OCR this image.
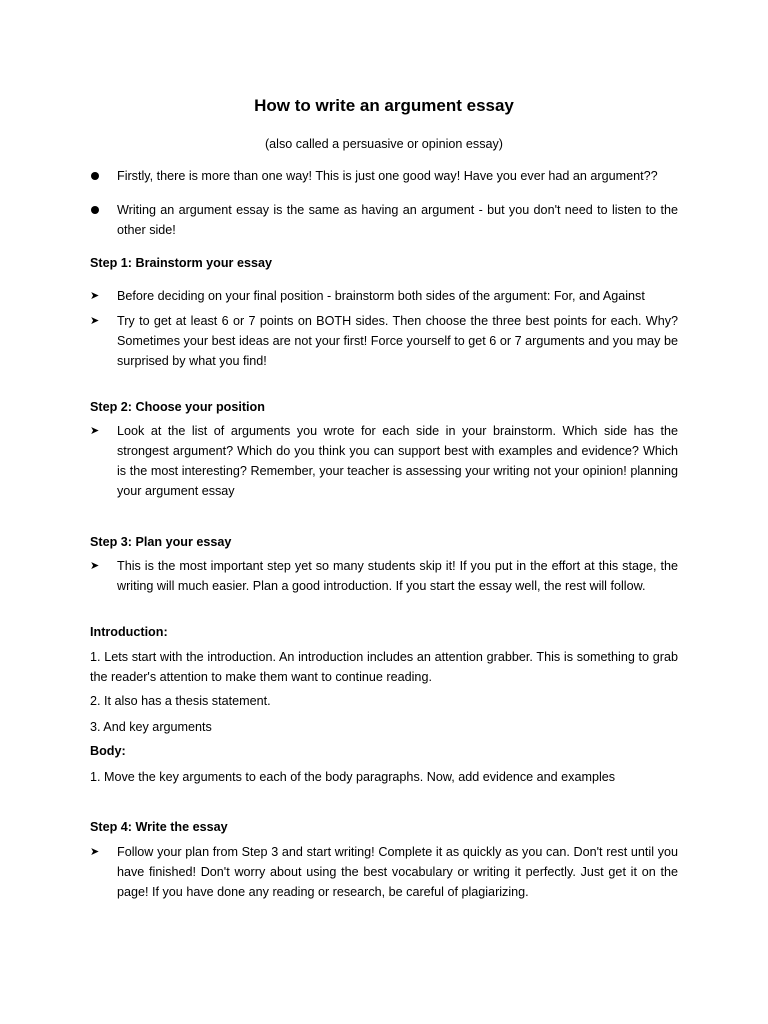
How to write an argument essay

(also called a persuasive or opinion essay)

Firstly, there is more than one way! This is just one good way! Have you ever had an argument??
Writing an argument essay is the same as having an argument - but you don't need to listen to the other side!
Step 1: Brainstorm your essay
➤	Before deciding on your final position - brainstorm both sides of the argument: For, and Against
➤	Try to get at least 6 or 7 points on BOTH sides. Then choose the three best points for each. Why? Sometimes your best ideas are not your first! Force yourself to get 6 or 7 arguments and you may be surprised by what you find!
Step 2: Choose your position
➤	Look at the list of arguments you wrote for each side in your brainstorm. Which side has the strongest argument? Which do you think you can support best with examples and evidence? Which is the most interesting? Remember, your teacher is assessing your writing not your opinion! planning your argument essay
Step 3: Plan your essay
➤	This is the most important step yet so many students skip it! If you put in the effort at this stage, the writing will much easier. Plan a good introduction. If you start the essay well, the rest will follow.
Introduction:
1. Lets start with the introduction. An introduction includes an attention grabber. This is something to grab the reader's attention to make them want to continue reading.
2. It also has a thesis statement.
3. And key arguments
Body:
1. Move the key arguments to each of the body paragraphs. Now, add evidence and examples
Step 4: Write the essay
➤	Follow your plan from Step 3 and start writing! Complete it as quickly as you can. Don't rest until you have finished! Don't worry about using the best vocabulary or writing it perfectly. Just get it on the page! If you have done any reading or research, be careful of plagiarizing.
